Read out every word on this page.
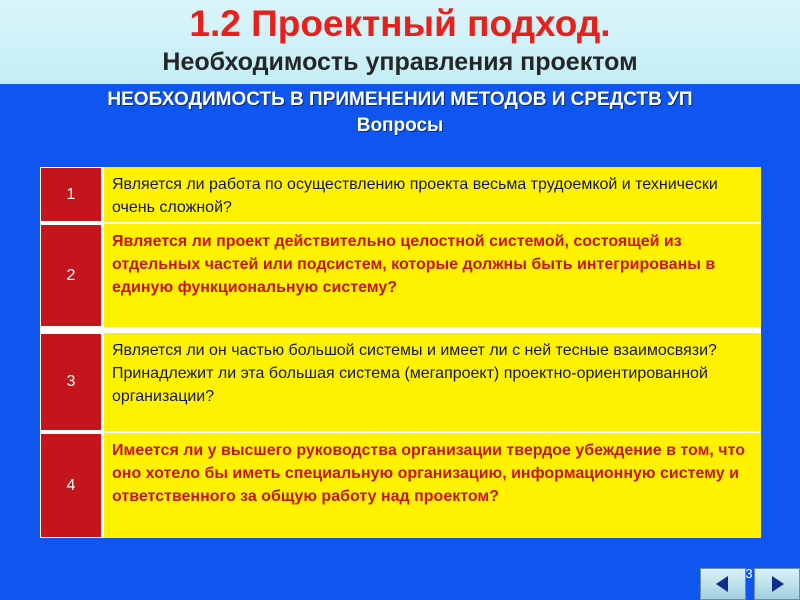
1.2 Проектный подход.
Необходимость управления проектом
НЕОБХОДИМОСТЬ В ПРИМЕНЕНИИ МЕТОДОВ И СРЕДСТВ УП
Вопросы
1
Является ли работа по осуществлению проекта весьма трудоемкой и технически очень сложной?
2
Является ли проект действительно целостной системой, состоящей из отдельных частей или подсистем, которые должны быть интегрированы в единую функциональную систему?
3
Является ли он частью большой системы и имеет ли с ней тесные взаимосвязи? Принадлежит ли эта большая система (мегапроект) проектно-ориентированной организации?
4
Имеется ли у высшего руководства организации твердое убеждение в том, что оно хотело бы иметь специальную организацию, информационную систему и ответственного за общую работу над проектом?
3
